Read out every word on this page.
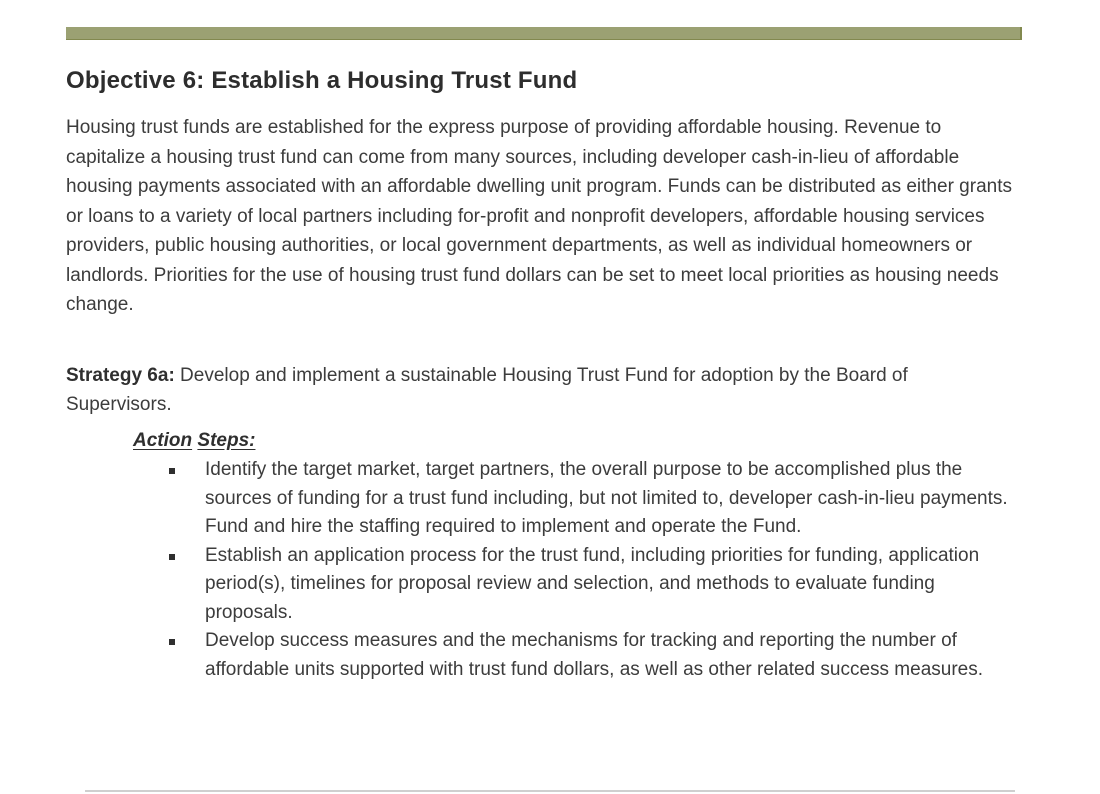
Objective 6: Establish a Housing Trust Fund

Housing trust funds are established for the express purpose of providing affordable housing. Revenue to capitalize a housing trust fund can come from many sources, including developer cash-in-lieu of affordable housing payments associated with an affordable dwelling unit program. Funds can be distributed as either grants or loans to a variety of local partners including for-profit and nonprofit developers, affordable housing services providers, public housing authorities, or local government departments, as well as individual homeowners or landlords. Priorities for the use of housing trust fund dollars can be set to meet local priorities as housing needs change.

Strategy 6a: Develop and implement a sustainable Housing Trust Fund for adoption by the Board of Supervisors.

Action Steps:
Identify the target market, target partners, the overall purpose to be accomplished plus the sources of funding for a trust fund including, but not limited to, developer cash-in-lieu payments. Fund and hire the staffing required to implement and operate the Fund.
Establish an application process for the trust fund, including priorities for funding, application period(s), timelines for proposal review and selection, and methods to evaluate funding proposals.
Develop success measures and the mechanisms for tracking and reporting the number of affordable units supported with trust fund dollars, as well as other related success measures.
